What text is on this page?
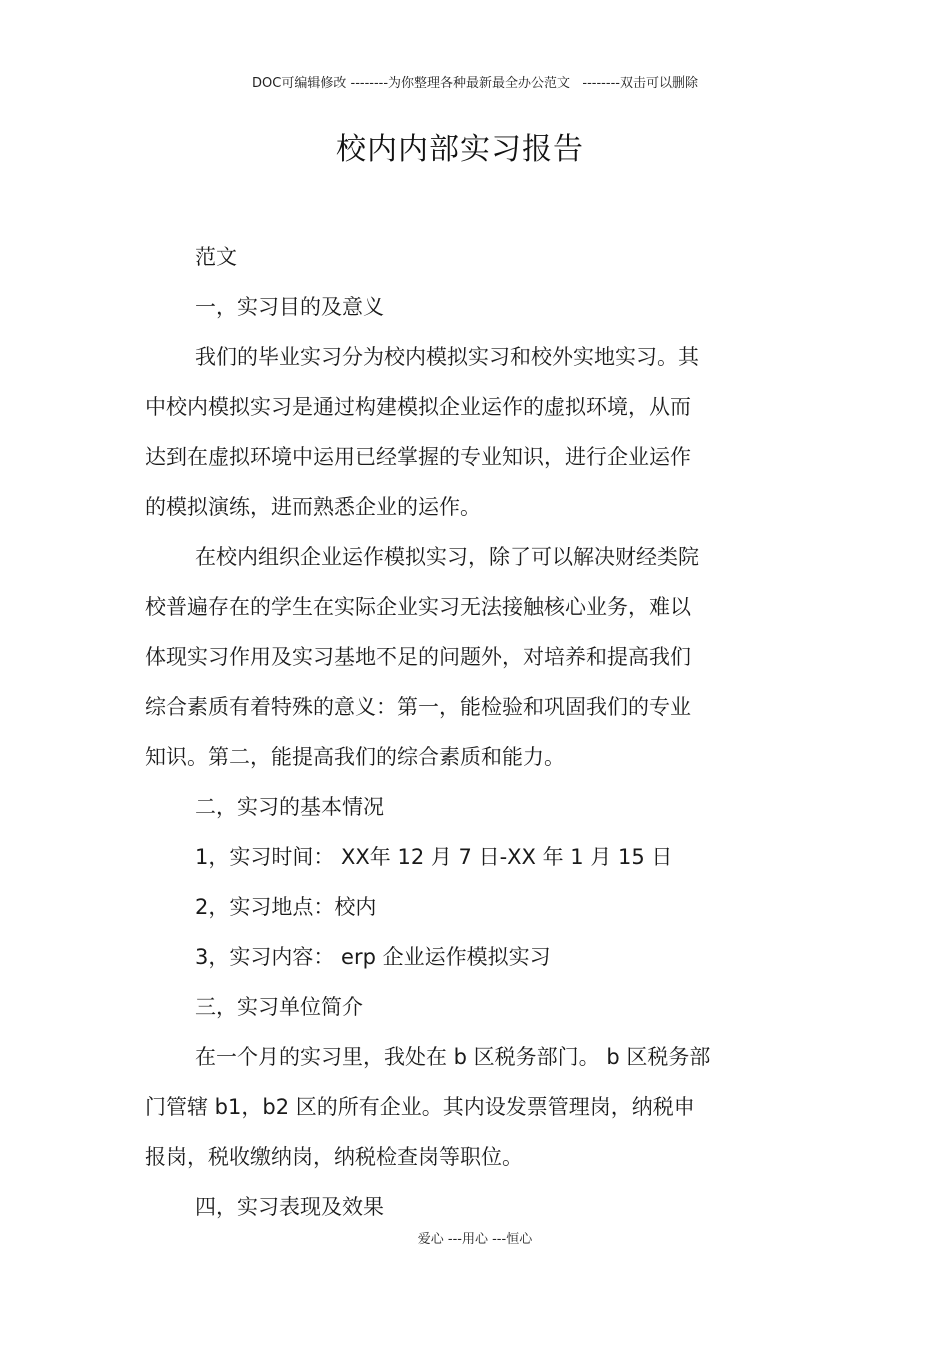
DOC可编辑修改 --------为你整理各种最新最全办公范文   --------双击可以删除
校内内部实习报告
范文
一，实习目的及意义
我们的毕业实习分为校内模拟实习和校外实地实习。其
中校内模拟实习是通过构建模拟企业运作的虚拟环境，从而
达到在虚拟环境中运用已经掌握的专业知识，进行企业运作
的模拟演练，进而熟悉企业的运作。
在校内组织企业运作模拟实习，除了可以解决财经类院
校普遍存在的学生在实际企业实习无法接触核心业务，难以
体现实习作用及实习基地不足的问题外，对培养和提高我们
综合素质有着特殊的意义：第一，能检验和巩固我们的专业
知识。第二，能提高我们的综合素质和能力。
二，实习的基本情况
1，实习时间： XX年 12 月 7 日-XX 年 1 月 15 日
2，实习地点：校内
3，实习内容： erp 企业运作模拟实习
三，实习单位简介
在一个月的实习里，我处在 b 区税务部门。 b 区税务部
门管辖 b1，b2 区的所有企业。其内设发票管理岗，纳税申
报岗，税收缴纳岗，纳税检查岗等职位。
四，实习表现及效果
爱心 ---用心 ---恒心
